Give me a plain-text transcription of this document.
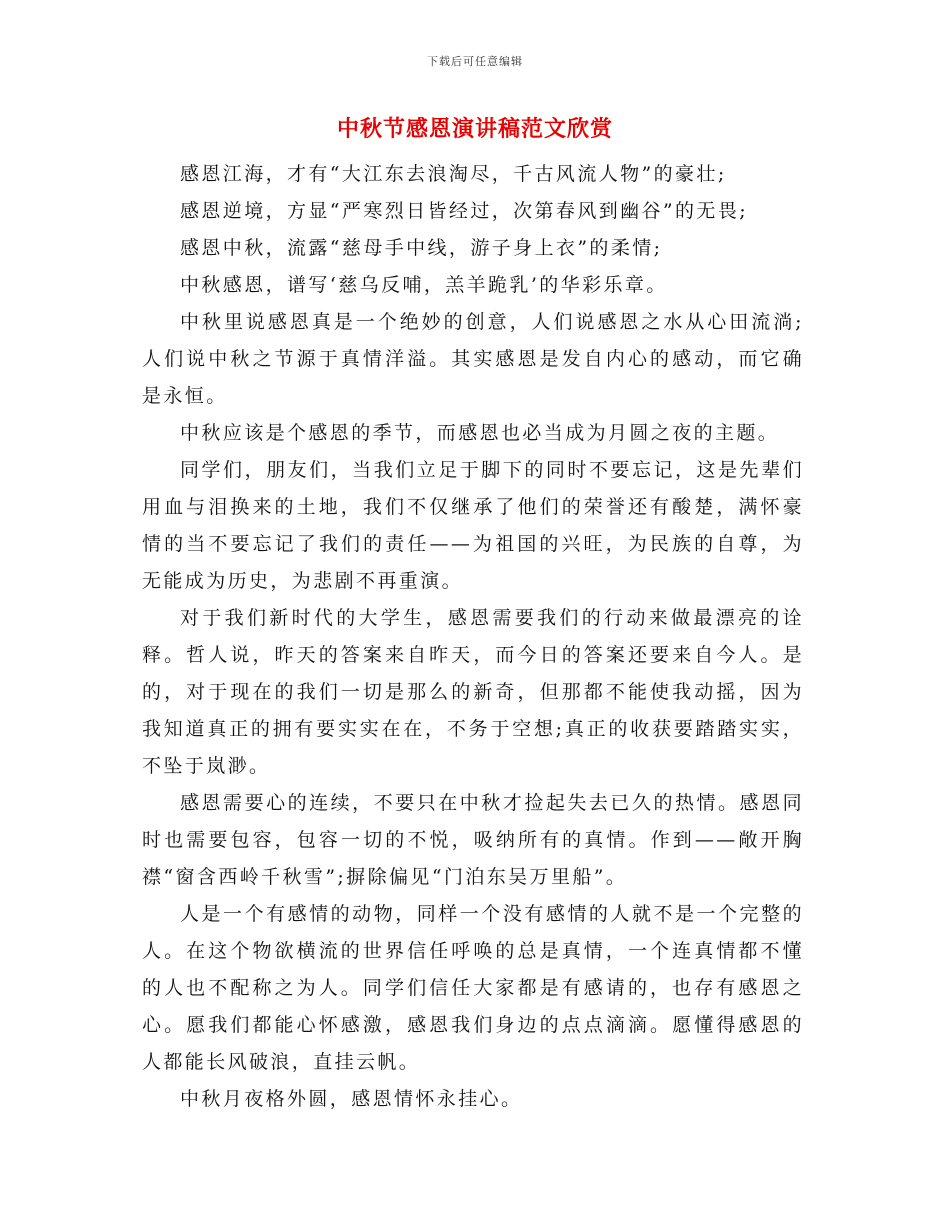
下载后可任意编辑
中秋节感恩演讲稿范文欣赏

感恩江海，才有“大江东去浪淘尽，千古风流人物”的豪壮;

感恩逆境，方显“严寒烈日皆经过，次第春风到幽谷”的无畏;

感恩中秋，流露“慈母手中线，游子身上衣”的柔情;

中秋感恩，谱写‘慈乌反哺，羔羊跪乳’的华彩乐章。

中秋里说感恩真是一个绝妙的创意，人们说感恩之水从心田流淌;人们说中秋之节源于真情洋溢。其实感恩是发自内心的感动，而它确是永恒。

中秋应该是个感恩的季节，而感恩也必当成为月圆之夜的主题。

同学们，朋友们，当我们立足于脚下的同时不要忘记，这是先辈们用血与泪换来的土地，我们不仅继承了他们的荣誉还有酸楚，满怀豪情的当不要忘记了我们的责任——为祖国的兴旺，为民族的自尊，为无能成为历史，为悲剧不再重演。

对于我们新时代的大学生，感恩需要我们的行动来做最漂亮的诠释。哲人说，昨天的答案来自昨天，而今日的答案还要来自今人。是的，对于现在的我们一切是那么的新奇，但那都不能使我动摇，因为我知道真正的拥有要实实在在，不务于空想;真正的收获要踏踏实实，不坠于岚渺。

感恩需要心的连续，不要只在中秋才捡起失去已久的热情。感恩同时也需要包容，包容一切的不悦，吸纳所有的真情。作到——敞开胸襟“窗含西岭千秋雪”;摒除偏见“门泊东吴万里船”。

人是一个有感情的动物，同样一个没有感情的人就不是一个完整的人。在这个物欲横流的世界信任呼唤的总是真情，一个连真情都不懂的人也不配称之为人。同学们信任大家都是有感请的，也存有感恩之心。愿我们都能心怀感激，感恩我们身边的点点滴滴。愿懂得感恩的人都能长风破浪，直挂云帆。

中秋月夜格外圆，感恩情怀永挂心。
